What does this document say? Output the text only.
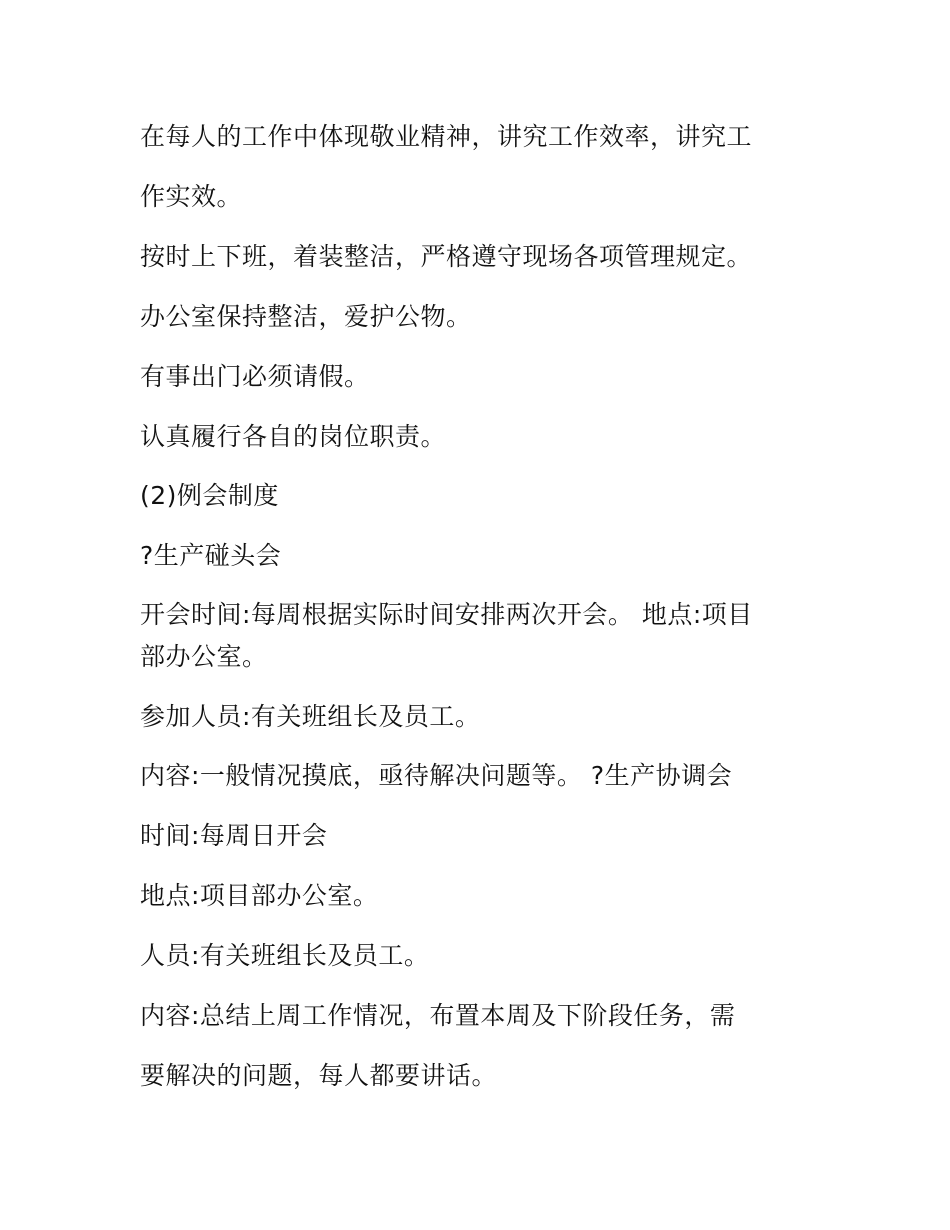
在每人的工作中体现敬业精神，讲究工作效率，讲究工
作实效。
按时上下班，着装整洁，严格遵守现场各项管理规定。
办公室保持整洁，爱护公物。
有事出门必须请假。
认真履行各自的岗位职责。
(2)例会制度
?生产碰头会
开会时间:每周根据实际时间安排两次开会。 地点:项目
部办公室。
参加人员:有关班组长及员工。
内容:一般情况摸底，亟待解决问题等。 ?生产协调会
时间:每周日开会
地点:项目部办公室。
人员:有关班组长及员工。
内容:总结上周工作情况，布置本周及下阶段任务，需
要解决的问题，每人都要讲话。
